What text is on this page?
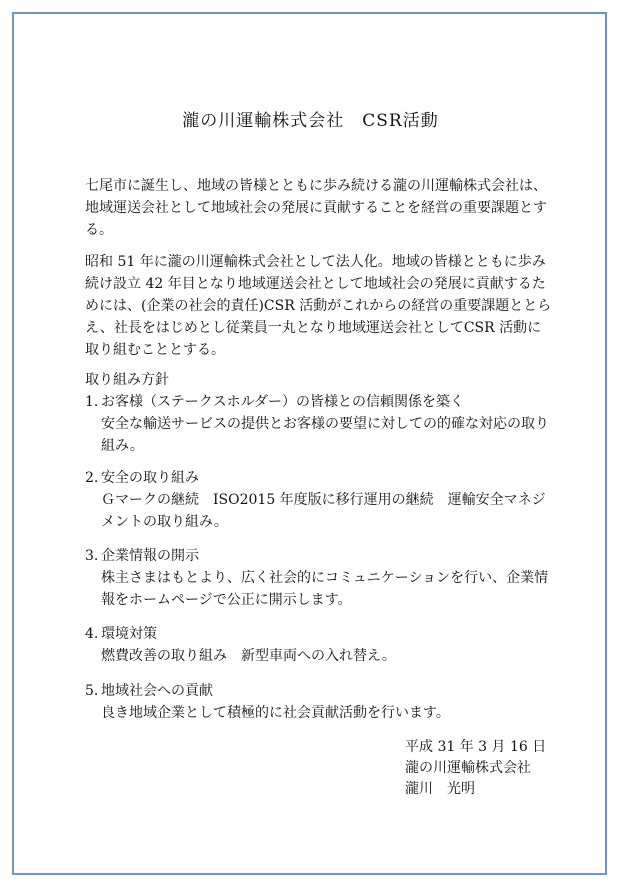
瀧の川運輸株式会社　CSR活動
七尾市に誕生し、地域の皆様とともに歩み続ける瀧の川運輸株式会社は、地域運送会社として地域社会の発展に貢献することを経営の重要課題とする。
昭和 51 年に瀧の川運輸株式会社として法人化。地域の皆様とともに歩み続け設立 42 年目となり地域運送会社として地域社会の発展に貢献するためには、(企業の社会的責任)CSR 活動がこれからの経営の重要課題ととらえ、社長をはじめとし従業員一丸となり地域運送会社としてCSR 活動に取り組むこととする。
取り組み方針
1. お客様（ステークスホルダー）の皆様との信頼関係を築く
安全な輸送サービスの提供とお客様の要望に対しての的確な対応の取り組み。
2. 安全の取り組み
Ｇマークの継続　ISO2015 年度版に移行運用の継続　運輸安全マネジメントの取り組み。
3. 企業情報の開示
株主さまはもとより、広く社会的にコミュニケーションを行い、企業情報をホームページで公正に開示します。
4. 環境対策
燃費改善の取り組み　新型車両への入れ替え。
5. 地域社会への貢献
良き地域企業として積極的に社会貢献活動を行います。
平成 31 年 3 月 16 日
瀧の川運輸株式会社
瀧川　光明
